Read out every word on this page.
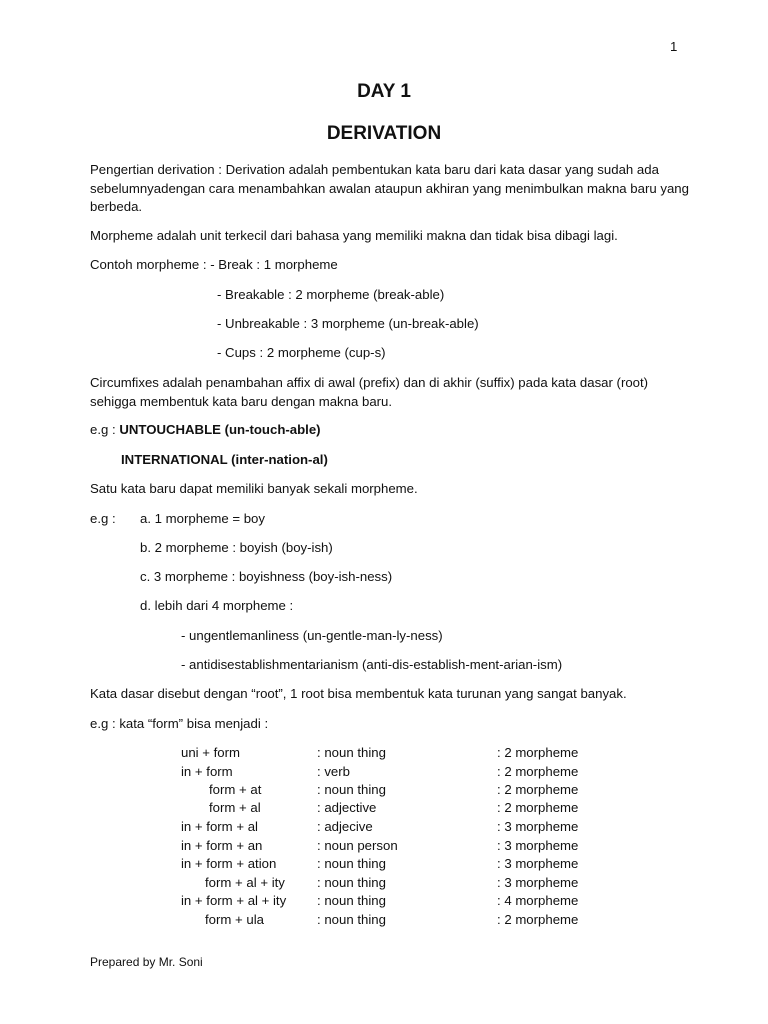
1
DAY 1
DERIVATION
Pengertian derivation : Derivation adalah pembentukan kata baru dari kata dasar yang sudah ada sebelumnyadengan cara menambahkan awalan ataupun akhiran yang menimbulkan makna baru yang berbeda.
Morpheme adalah unit terkecil dari bahasa yang memiliki makna dan tidak bisa dibagi lagi.
Contoh morpheme : - Break : 1 morpheme
- Breakable : 2 morpheme (break-able)
- Unbreakable : 3 morpheme (un-break-able)
- Cups : 2 morpheme (cup-s)
Circumfixes adalah penambahan affix di awal (prefix) dan di akhir (suffix) pada kata dasar (root) sehigga membentuk kata baru dengan makna baru.
e.g : UNTOUCHABLE (un-touch-able)
INTERNATIONAL (inter-nation-al)
Satu kata baru dapat memiliki banyak sekali morpheme.
e.g : a. 1 morpheme = boy
b. 2 morpheme : boyish (boy-ish)
c. 3 morpheme : boyishness (boy-ish-ness)
d. lebih dari 4 morpheme :
- ungentlemanliness (un-gentle-man-ly-ness)
- antidisestablishmentarianism (anti-dis-establish-ment-arian-ism)
Kata dasar disebut dengan “root”, 1 root bisa membentuk kata turunan yang sangat banyak.
e.g : kata “form” bisa menjadi :
uni + form	: noun thing	: 2 morpheme
in + form	: verb	: 2 morpheme
form + at	: noun thing	: 2 morpheme
form + al	: adjective	: 2 morpheme
in + form + al	: adjecive	: 3 morpheme
in + form + an	: noun person	: 3 morpheme
in + form + ation	: noun thing	: 3 morpheme
form + al + ity : noun thing	: 3 morpheme
in + form + al + ity : noun thing	: 4 morpheme
form + ula	: noun thing	: 2 morpheme
Prepared by Mr. Soni
